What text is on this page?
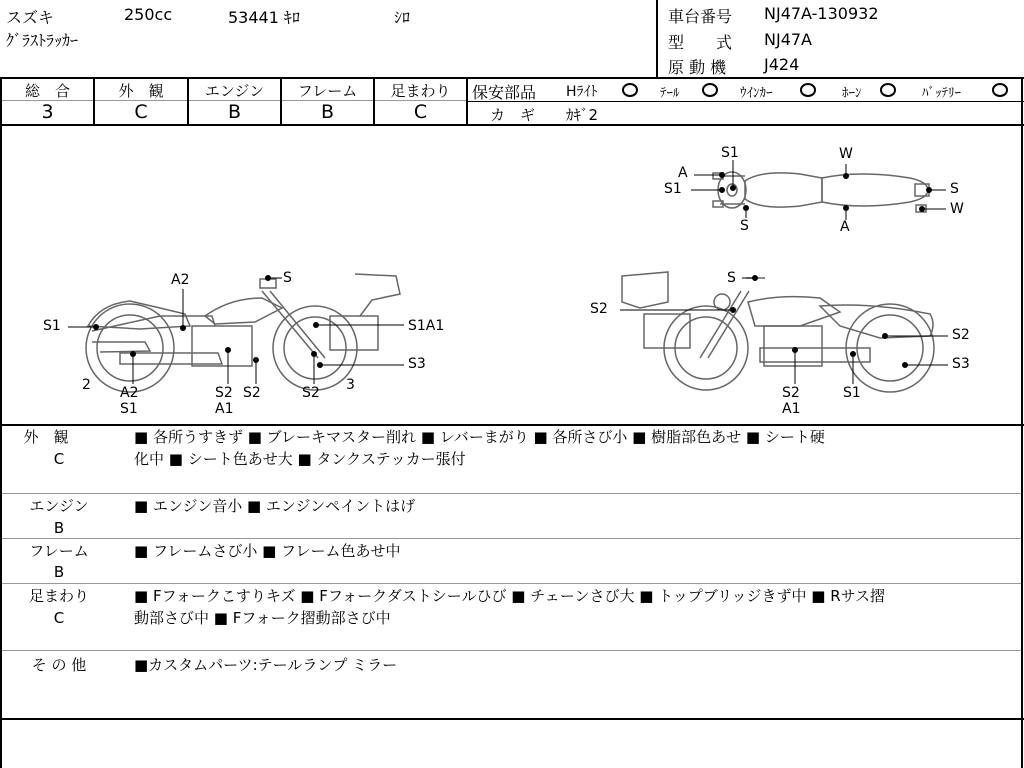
スズキ	250cc	53441 ｷﾛ	ｼﾛ
ｸﾞﾗｽﾄﾗｯｶｰ
車台番号 NJ47A-130932
型　　式 NJ47A
原 動 機 J424
総　合
3
外　観
C
エンジン
B
フレーム
B
足まわり
C
保安部品 Hﾗｲﾄ	ﾃｰﾙ	ｳｲﾝｶｰ	ﾎｰﾝ	ﾊﾞｯﾃﾘｰ
カ　ギ ｶｷﾞ2
A
S1
S1
S
W
A
S
W
A2	S
S1	S1A1
S3
2 A2
S1
S2
A1
S2	S2 3
S
S2
S2
S3
S2
A1
S1
外　観
C
■ 各所うすきず ■ ブレーキマスター削れ ■ レバーまがり ■ 各所さび小 ■ 樹脂部色あせ ■ シート硬
化中 ■ シート色あせ大 ■ タンクステッカー張付
エンジン
B
■ エンジン音小 ■ エンジンペイントはげ
フレーム
B
■ フレームさび小 ■ フレーム色あせ中
足まわり
C
■ Fフォークこすりキズ ■ Fフォークダストシールひび ■ チェーンさび大 ■ トップブリッジきず中 ■ Rサス摺
動部さび中 ■ Fフォーク摺動部さび中
そ の 他	■カスタムパーツ:テールランプ ミラー
